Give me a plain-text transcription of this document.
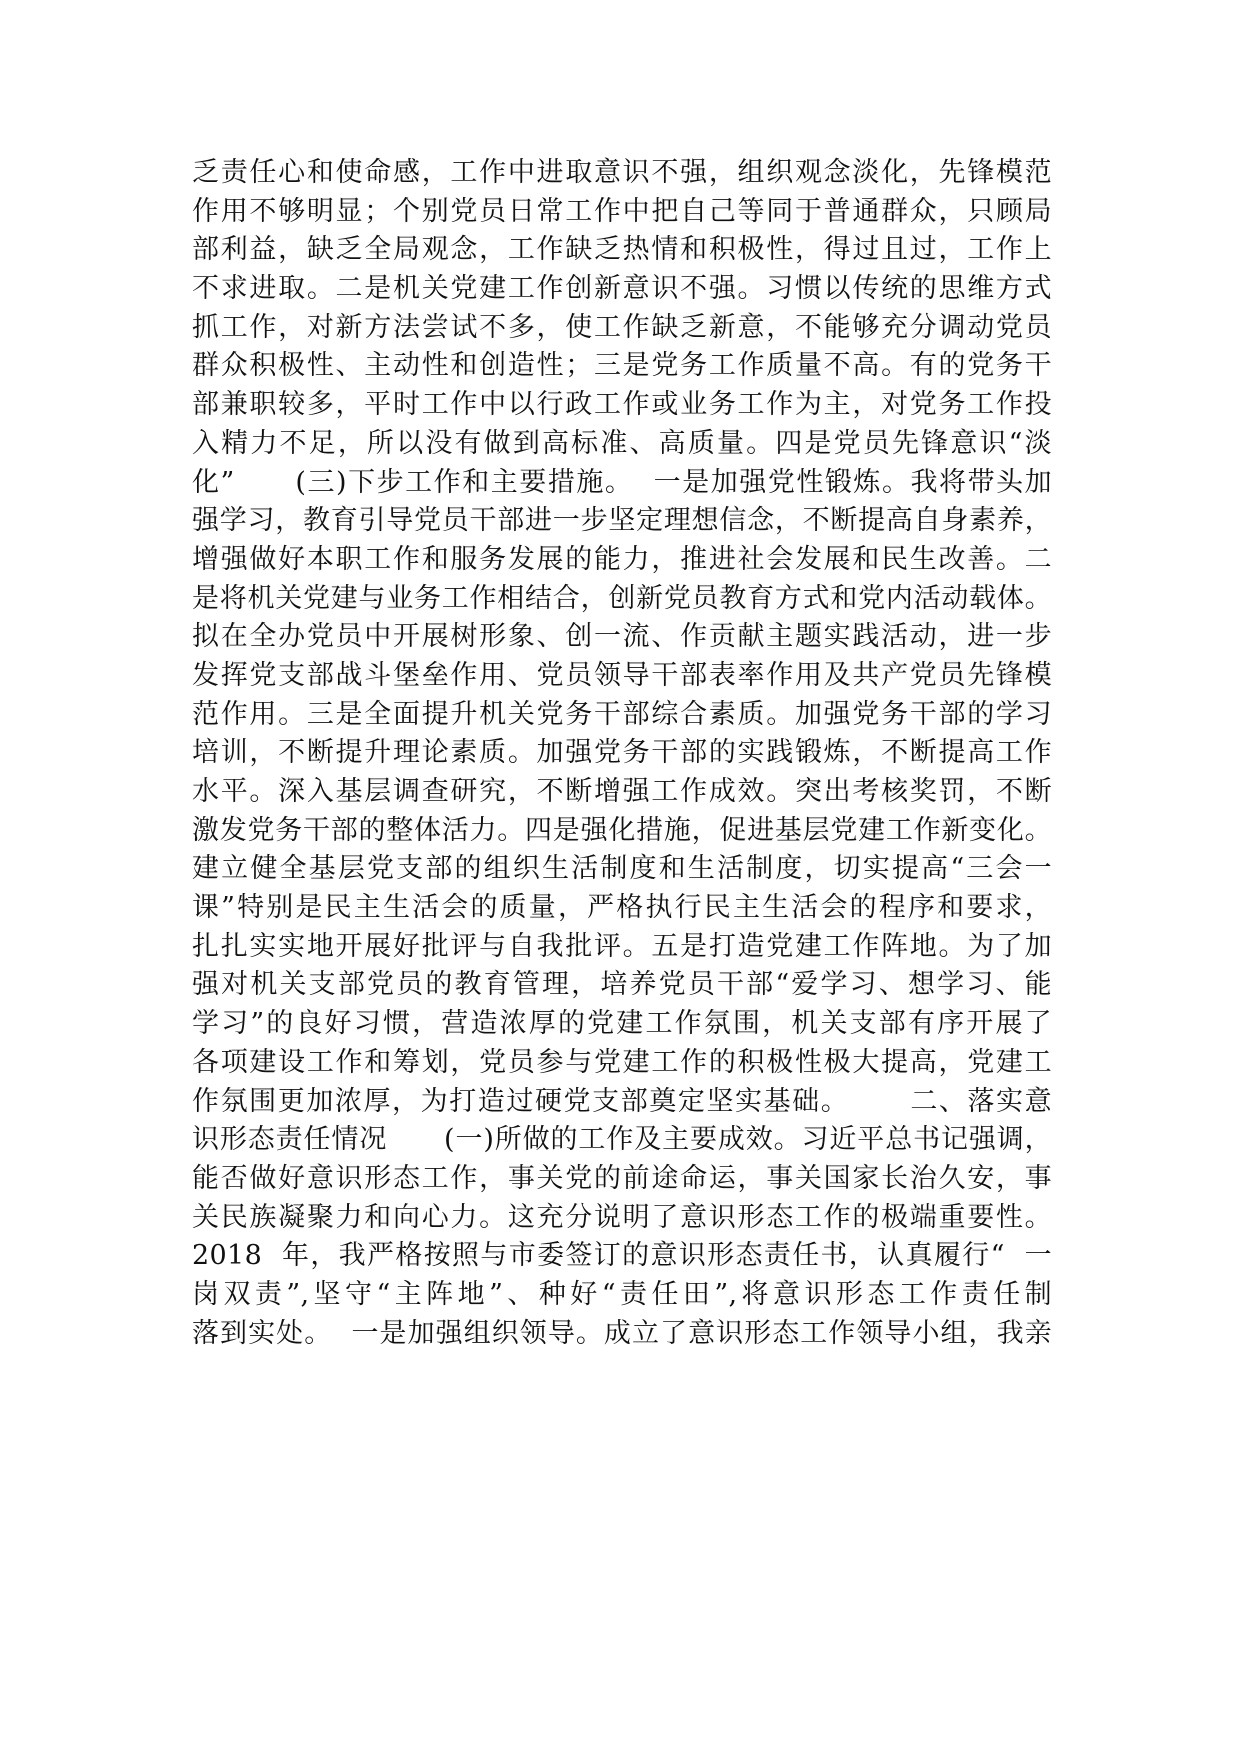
乏责任心和使命感，工作中进取意识不强，组织观念淡化，先锋模范
作用不够明显；个别党员日常工作中把自己等同于普通群众，只顾局
部利益，缺乏全局观念，工作缺乏热情和积极性，得过且过，工作上
不求进取。二是机关党建工作创新意识不强。习惯以传统的思维方式
抓工作，对新方法尝试不多，使工作缺乏新意，不能够充分调动党员
群众积极性、主动性和创造性；三是党务工作质量不高。有的党务干
部兼职较多，平时工作中以行政工作或业务工作为主，对党务工作投
入精力不足，所以没有做到高标准、高质量。四是党员先锋意识“淡
化”      (三)下步工作和主要措施。  一是加强党性锻炼。我将带头加
强学习，教育引导党员干部进一步坚定理想信念，不断提高自身素养，
增强做好本职工作和服务发展的能力，推进社会发展和民生改善。二
是将机关党建与业务工作相结合，创新党员教育方式和党内活动载体。
拟在全办党员中开展树形象、创一流、作贡献主题实践活动，进一步
发挥党支部战斗堡垒作用、党员领导干部表率作用及共产党员先锋模
范作用。三是全面提升机关党务干部综合素质。加强党务干部的学习
培训，不断提升理论素质。加强党务干部的实践锻炼，不断提高工作
水平。深入基层调查研究，不断增强工作成效。突出考核奖罚，不断
激发党务干部的整体活力。四是强化措施，促进基层党建工作新变化。
建立健全基层党支部的组织生活制度和生活制度，切实提高“三会一
课”特别是民主生活会的质量，严格执行民主生活会的程序和要求，
扎扎实实地开展好批评与自我批评。五是打造党建工作阵地。为了加
强对机关支部党员的教育管理，培养党员干部“爱学习、想学习、能
学习”的良好习惯，营造浓厚的党建工作氛围，机关支部有序开展了
各项建设工作和筹划，党员参与党建工作的积极性极大提高，党建工
作氛围更加浓厚，为打造过硬党支部奠定坚实基础。      二、落实意
识形态责任情况      (一)所做的工作及主要成效。习近平总书记强调，
能否做好意识形态工作，事关党的前途命运，事关国家长治久安，事
关民族凝聚力和向心力。这充分说明了意识形态工作的极端重要性。
2018  年，我严格按照与市委签订的意识形态责任书，认真履行“  一
岗双责”,坚守“主阵地”、种好“责任田”,将意识形态工作责任制
落到实处。  一是加强组织领导。成立了意识形态工作领导小组，我亲
